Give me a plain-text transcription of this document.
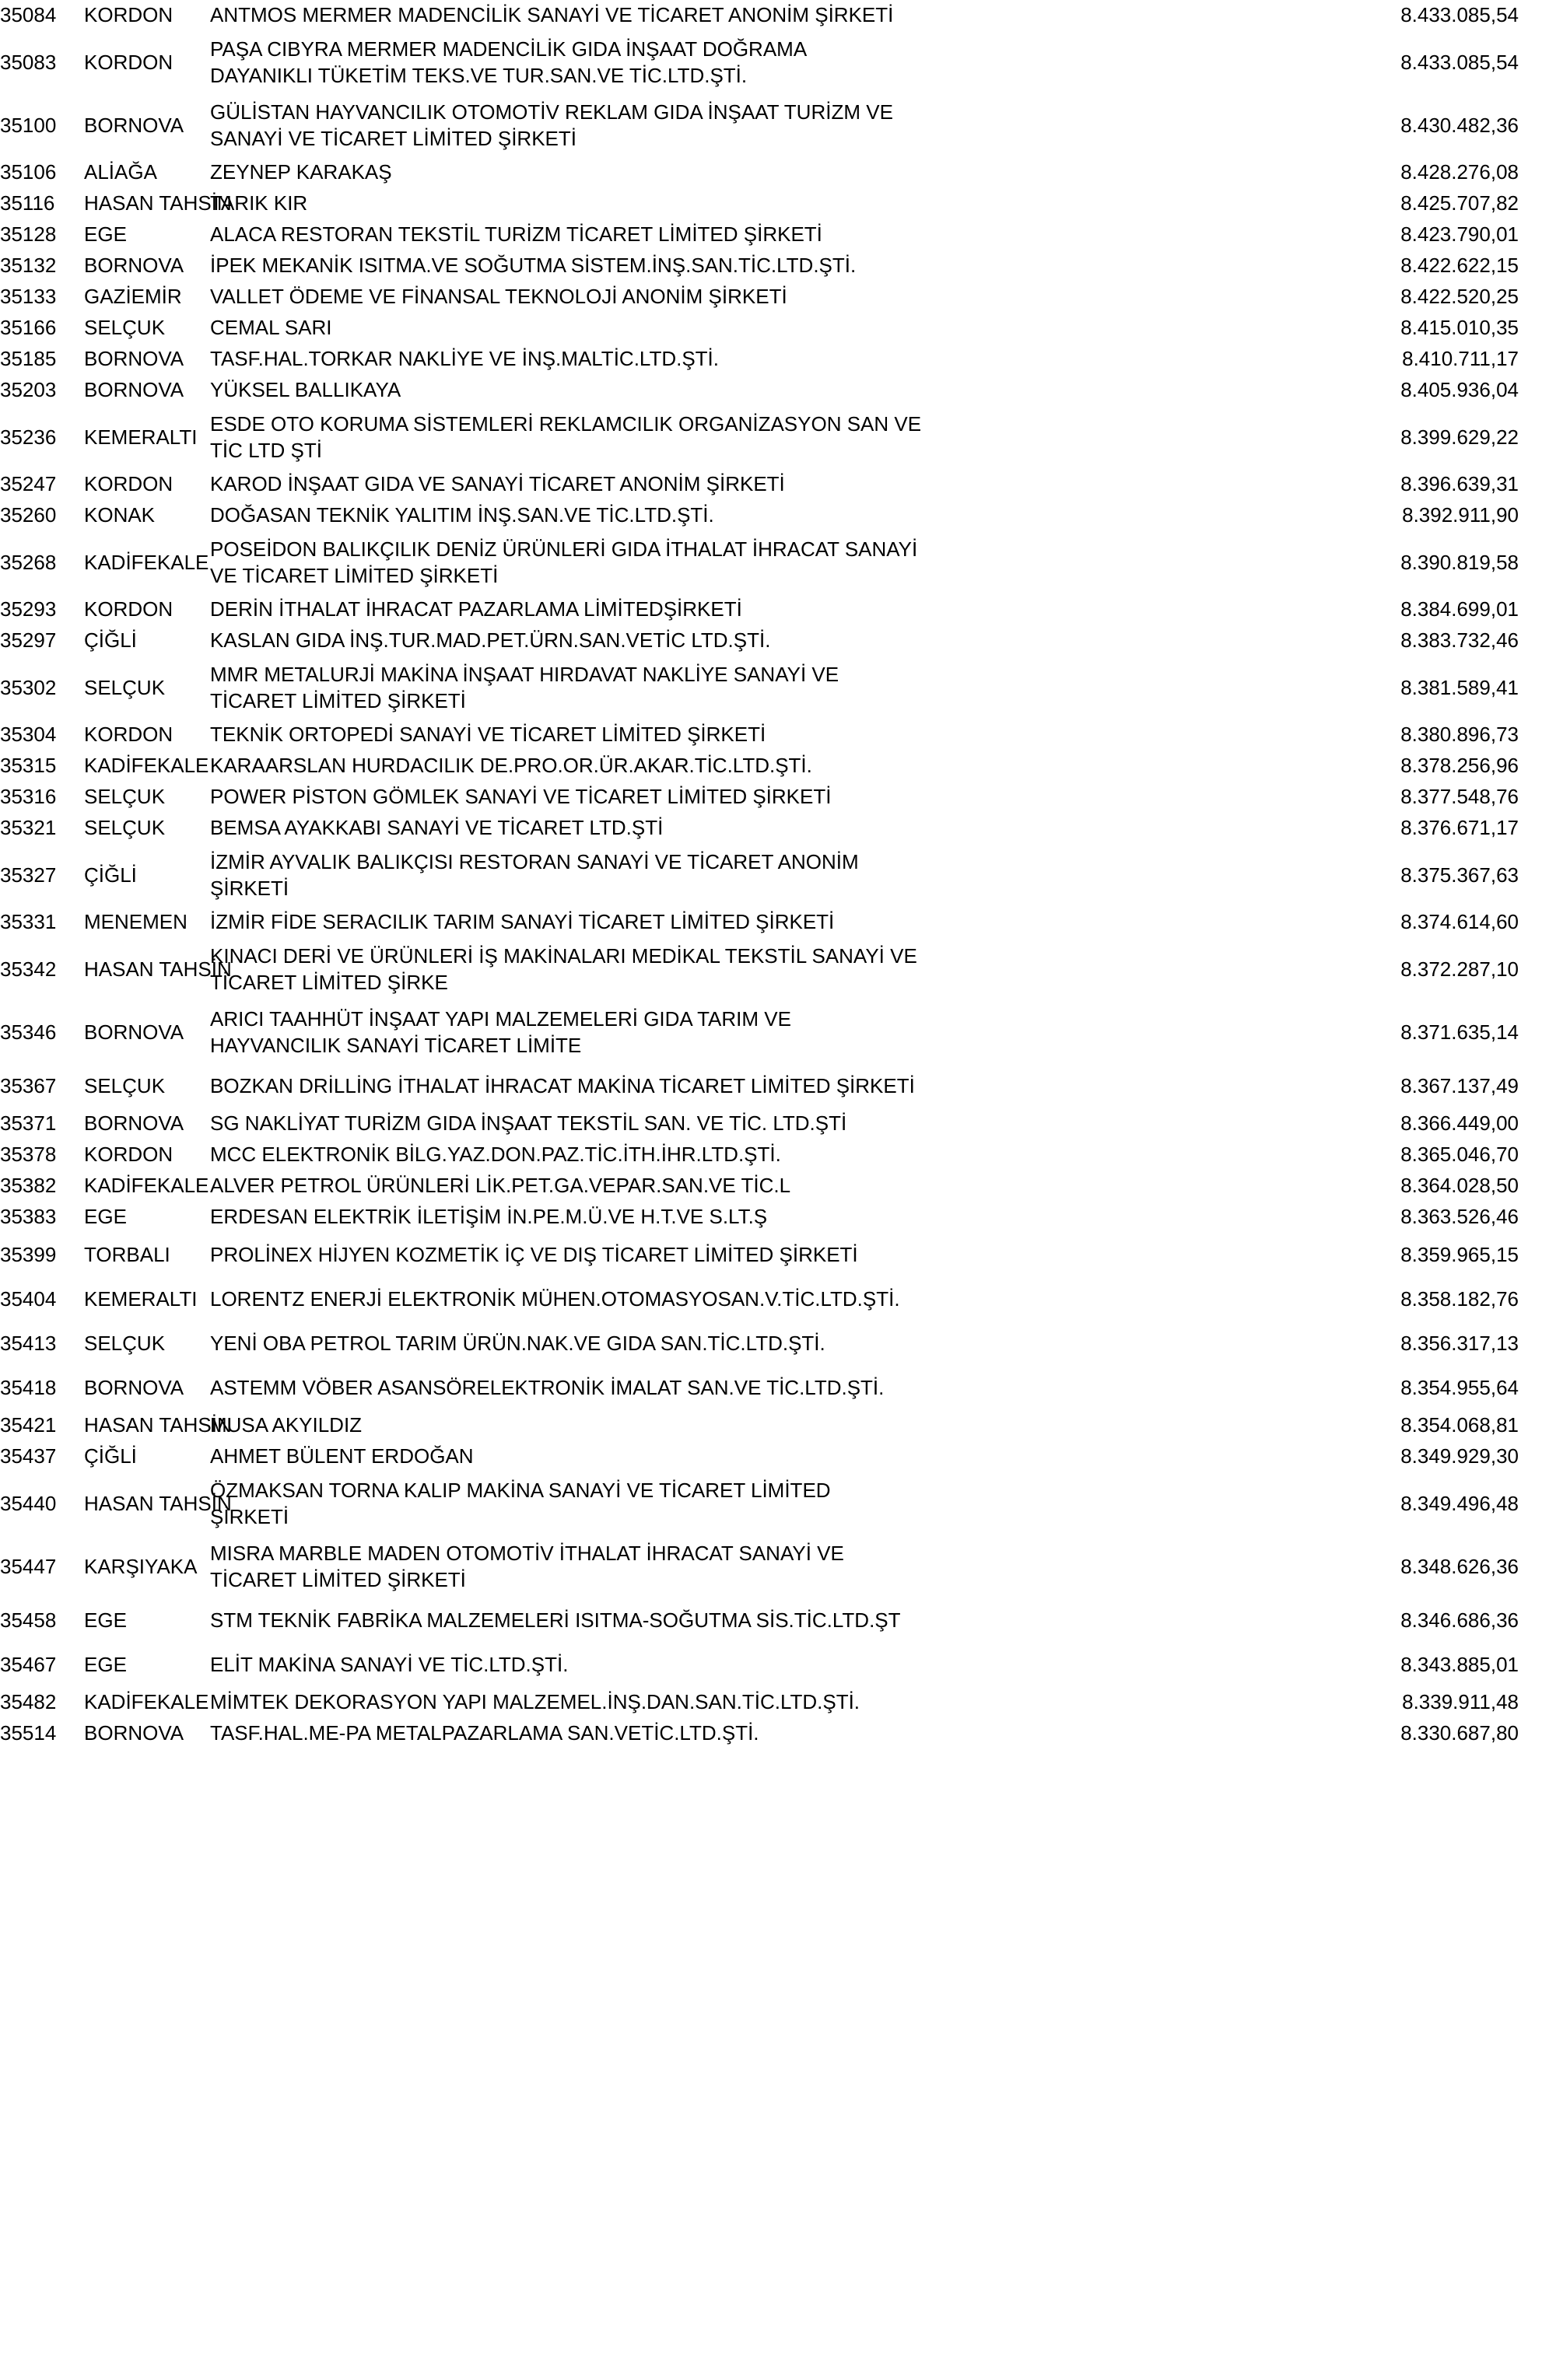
35084		KORDON	ANTMOS MERMER MADENCİLİK SANAYİ VE TİCARET ANONİM ŞİRKETİ	8.433.085,54	
35083		KORDON	PAŞA CIBYRA MERMER MADENCİLİK GIDA İNŞAAT DOĞRAMA
DAYANIKLI TÜKETİM TEKS.VE TUR.SAN.VE TİC.LTD.ŞTİ.	8.433.085,54	
35100		BORNOVA	GÜLİSTAN HAYVANCILIK OTOMOTİV REKLAM GIDA İNŞAAT TURİZM VE
SANAYİ VE TİCARET LİMİTED ŞİRKETİ	8.430.482,36	
35106		ALİAĞA	ZEYNEP KARAKAŞ	8.428.276,08	
35116		HASAN TAHSİN	TARIK KIR	8.425.707,82	
35128		EGE	ALACA RESTORAN TEKSTİL TURİZM TİCARET LİMİTED ŞİRKETİ	8.423.790,01	
35132		BORNOVA	İPEK MEKANİK ISITMA.VE SOĞUTMA SİSTEM.İNŞ.SAN.TİC.LTD.ŞTİ.	8.422.622,15	
35133		GAZİEMİR	VALLET ÖDEME VE FİNANSAL TEKNOLOJİ ANONİM ŞİRKETİ	8.422.520,25	
35166		SELÇUK	CEMAL SARI	8.415.010,35	
35185		BORNOVA	TASF.HAL.TORKAR NAKLİYE VE İNŞ.MALTİC.LTD.ŞTİ.	8.410.711,17	
35203		BORNOVA	YÜKSEL BALLIKAYA	8.405.936,04	
35236		KEMERALTI	ESDE OTO KORUMA SİSTEMLERİ REKLAMCILIK ORGANİZASYON SAN VE
TİC LTD ŞTİ	8.399.629,22	
35247		KORDON	KAROD İNŞAAT GIDA VE SANAYİ TİCARET ANONİM ŞİRKETİ	8.396.639,31	
35260		KONAK	DOĞASAN TEKNİK YALITIM İNŞ.SAN.VE TİC.LTD.ŞTİ.	8.392.911,90	
35268		KADİFEKALE	POSEİDON BALIKÇILIK DENİZ ÜRÜNLERİ GIDA İTHALAT İHRACAT SANAYİ
VE TİCARET LİMİTED ŞİRKETİ	8.390.819,58	
35293		KORDON	DERİN İTHALAT İHRACAT PAZARLAMA LİMİTEDŞİRKETİ	8.384.699,01	
35297		ÇİĞLİ	KASLAN GIDA İNŞ.TUR.MAD.PET.ÜRN.SAN.VETİC LTD.ŞTİ.	8.383.732,46	
35302		SELÇUK	MMR METALURJİ MAKİNA İNŞAAT HIRDAVAT NAKLİYE SANAYİ VE
TİCARET LİMİTED ŞİRKETİ	8.381.589,41	
35304		KORDON	TEKNİK ORTOPEDİ SANAYİ VE TİCARET LİMİTED ŞİRKETİ	8.380.896,73	
35315		KADİFEKALE	KARAARSLAN HURDACILIK DE.PRO.OR.ÜR.AKAR.TİC.LTD.ŞTİ.	8.378.256,96	
35316		SELÇUK	POWER PİSTON GÖMLEK SANAYİ VE TİCARET LİMİTED ŞİRKETİ	8.377.548,76	
35321		SELÇUK	BEMSA AYAKKABI SANAYİ VE TİCARET LTD.ŞTİ	8.376.671,17	
35327		ÇİĞLİ	İZMİR AYVALIK BALIKÇISI RESTORAN SANAYİ VE TİCARET ANONİM
ŞİRKETİ	8.375.367,63	
35331		MENEMEN	İZMİR FİDE SERACILIK TARIM SANAYİ TİCARET LİMİTED ŞİRKETİ	8.374.614,60	
35342		HASAN TAHSİN	KINACI DERİ VE ÜRÜNLERİ İŞ MAKİNALARI MEDİKAL TEKSTİL SANAYİ VE
TİCARET LİMİTED ŞİRKE	8.372.287,10	
35346		BORNOVA	ARICI TAAHHÜT İNŞAAT YAPI MALZEMELERİ GIDA TARIM VE
HAYVANCILIK SANAYİ TİCARET LİMİTE	8.371.635,14	
35367		SELÇUK	BOZKAN DRİLLİNG İTHALAT İHRACAT MAKİNA TİCARET LİMİTED ŞİRKETİ	8.367.137,49	
35371		BORNOVA	SG NAKLİYAT TURİZM GIDA İNŞAAT TEKSTİL SAN. VE TİC. LTD.ŞTİ	8.366.449,00	
35378		KORDON	MCC ELEKTRONİK BİLG.YAZ.DON.PAZ.TİC.İTH.İHR.LTD.ŞTİ.	8.365.046,70	
35382		KADİFEKALE	ALVER PETROL ÜRÜNLERİ LİK.PET.GA.VEPAR.SAN.VE TİC.L	8.364.028,50	
35383		EGE	ERDESAN ELEKTRİK İLETİŞİM İN.PE.M.Ü.VE H.T.VE S.LT.Ş	8.363.526,46	
35399		TORBALI	PROLİNEX HİJYEN KOZMETİK İÇ VE DIŞ TİCARET LİMİTED ŞİRKETİ	8.359.965,15	
35404		KEMERALTI	LORENTZ ENERJİ ELEKTRONİK MÜHEN.OTOMASYOSAN.V.TİC.LTD.ŞTİ.	8.358.182,76	
35413		SELÇUK	YENİ OBA PETROL TARIM ÜRÜN.NAK.VE GIDA SAN.TİC.LTD.ŞTİ.	8.356.317,13	
35418		BORNOVA	ASTEMM VÖBER ASANSÖRELEKTRONİK İMALAT SAN.VE TİC.LTD.ŞTİ.	8.354.955,64	
35421		HASAN TAHSİN	MUSA AKYILDIZ	8.354.068,81	
35437		ÇİĞLİ	AHMET BÜLENT ERDOĞAN	8.349.929,30	
35440		HASAN TAHSİN	ÖZMAKSAN TORNA KALIP MAKİNA SANAYİ VE TİCARET LİMİTED
ŞİRKETİ	8.349.496,48	
35447		KARŞIYAKA	MISRA MARBLE MADEN OTOMOTİV İTHALAT İHRACAT SANAYİ VE
TİCARET LİMİTED ŞİRKETİ	8.348.626,36	
35458		EGE	STM TEKNİK FABRİKA MALZEMELERİ ISITMA-SOĞUTMA SİS.TİC.LTD.ŞT	8.346.686,36	
35467		EGE	ELİT MAKİNA SANAYİ VE TİC.LTD.ŞTİ.	8.343.885,01	
35482		KADİFEKALE	MİMTEK DEKORASYON YAPI MALZEMEL.İNŞ.DAN.SAN.TİC.LTD.ŞTİ.	8.339.911,48	
35514		BORNOVA	TASF.HAL.ME-PA METALPAZARLAMA SAN.VETİC.LTD.ŞTİ.	8.330.687,80	
